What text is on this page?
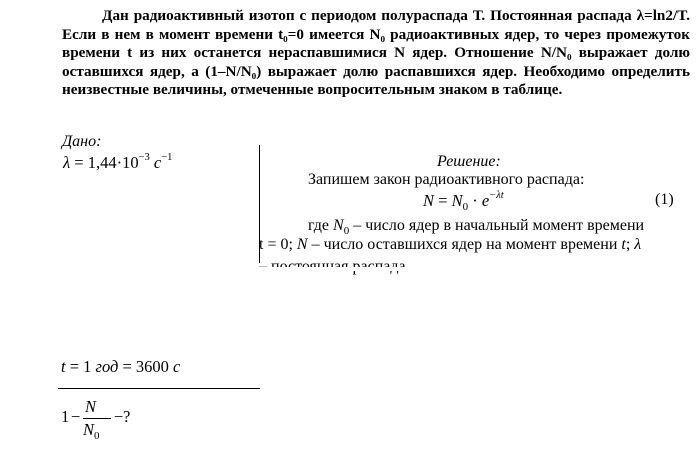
Дан радиоактивный изотоп с периодом полураспада Т. Постоянная распада λ=ln2/T. Если в нем в момент времени t₀=0 имеется N₀ радиоактивных ядер, то через промежуток времени t из них останется нераспавшимися N ядер. Отношение N/N₀ выражает долю оставшихся ядер, а (1–N/N₀) выражает долю распавшихся ядер. Необходимо определить неизвестные величины, отмеченные вопросительным знаком в таблице.

Дано:
$\lambda = 1,44\cdot 10^{-3}$ $с^{-1}$	Решение:
Запишем закон радиоактивного распада:
$N = N_0 \cdot e^{-\lambda t}$	(1)
где $N_0$ – число ядер в начальный момент времени
t = 0; N – число оставшихся ядер на момент времени t; λ
t = 1 год = 3600 с
1 −
N
$N_0$
− ?
